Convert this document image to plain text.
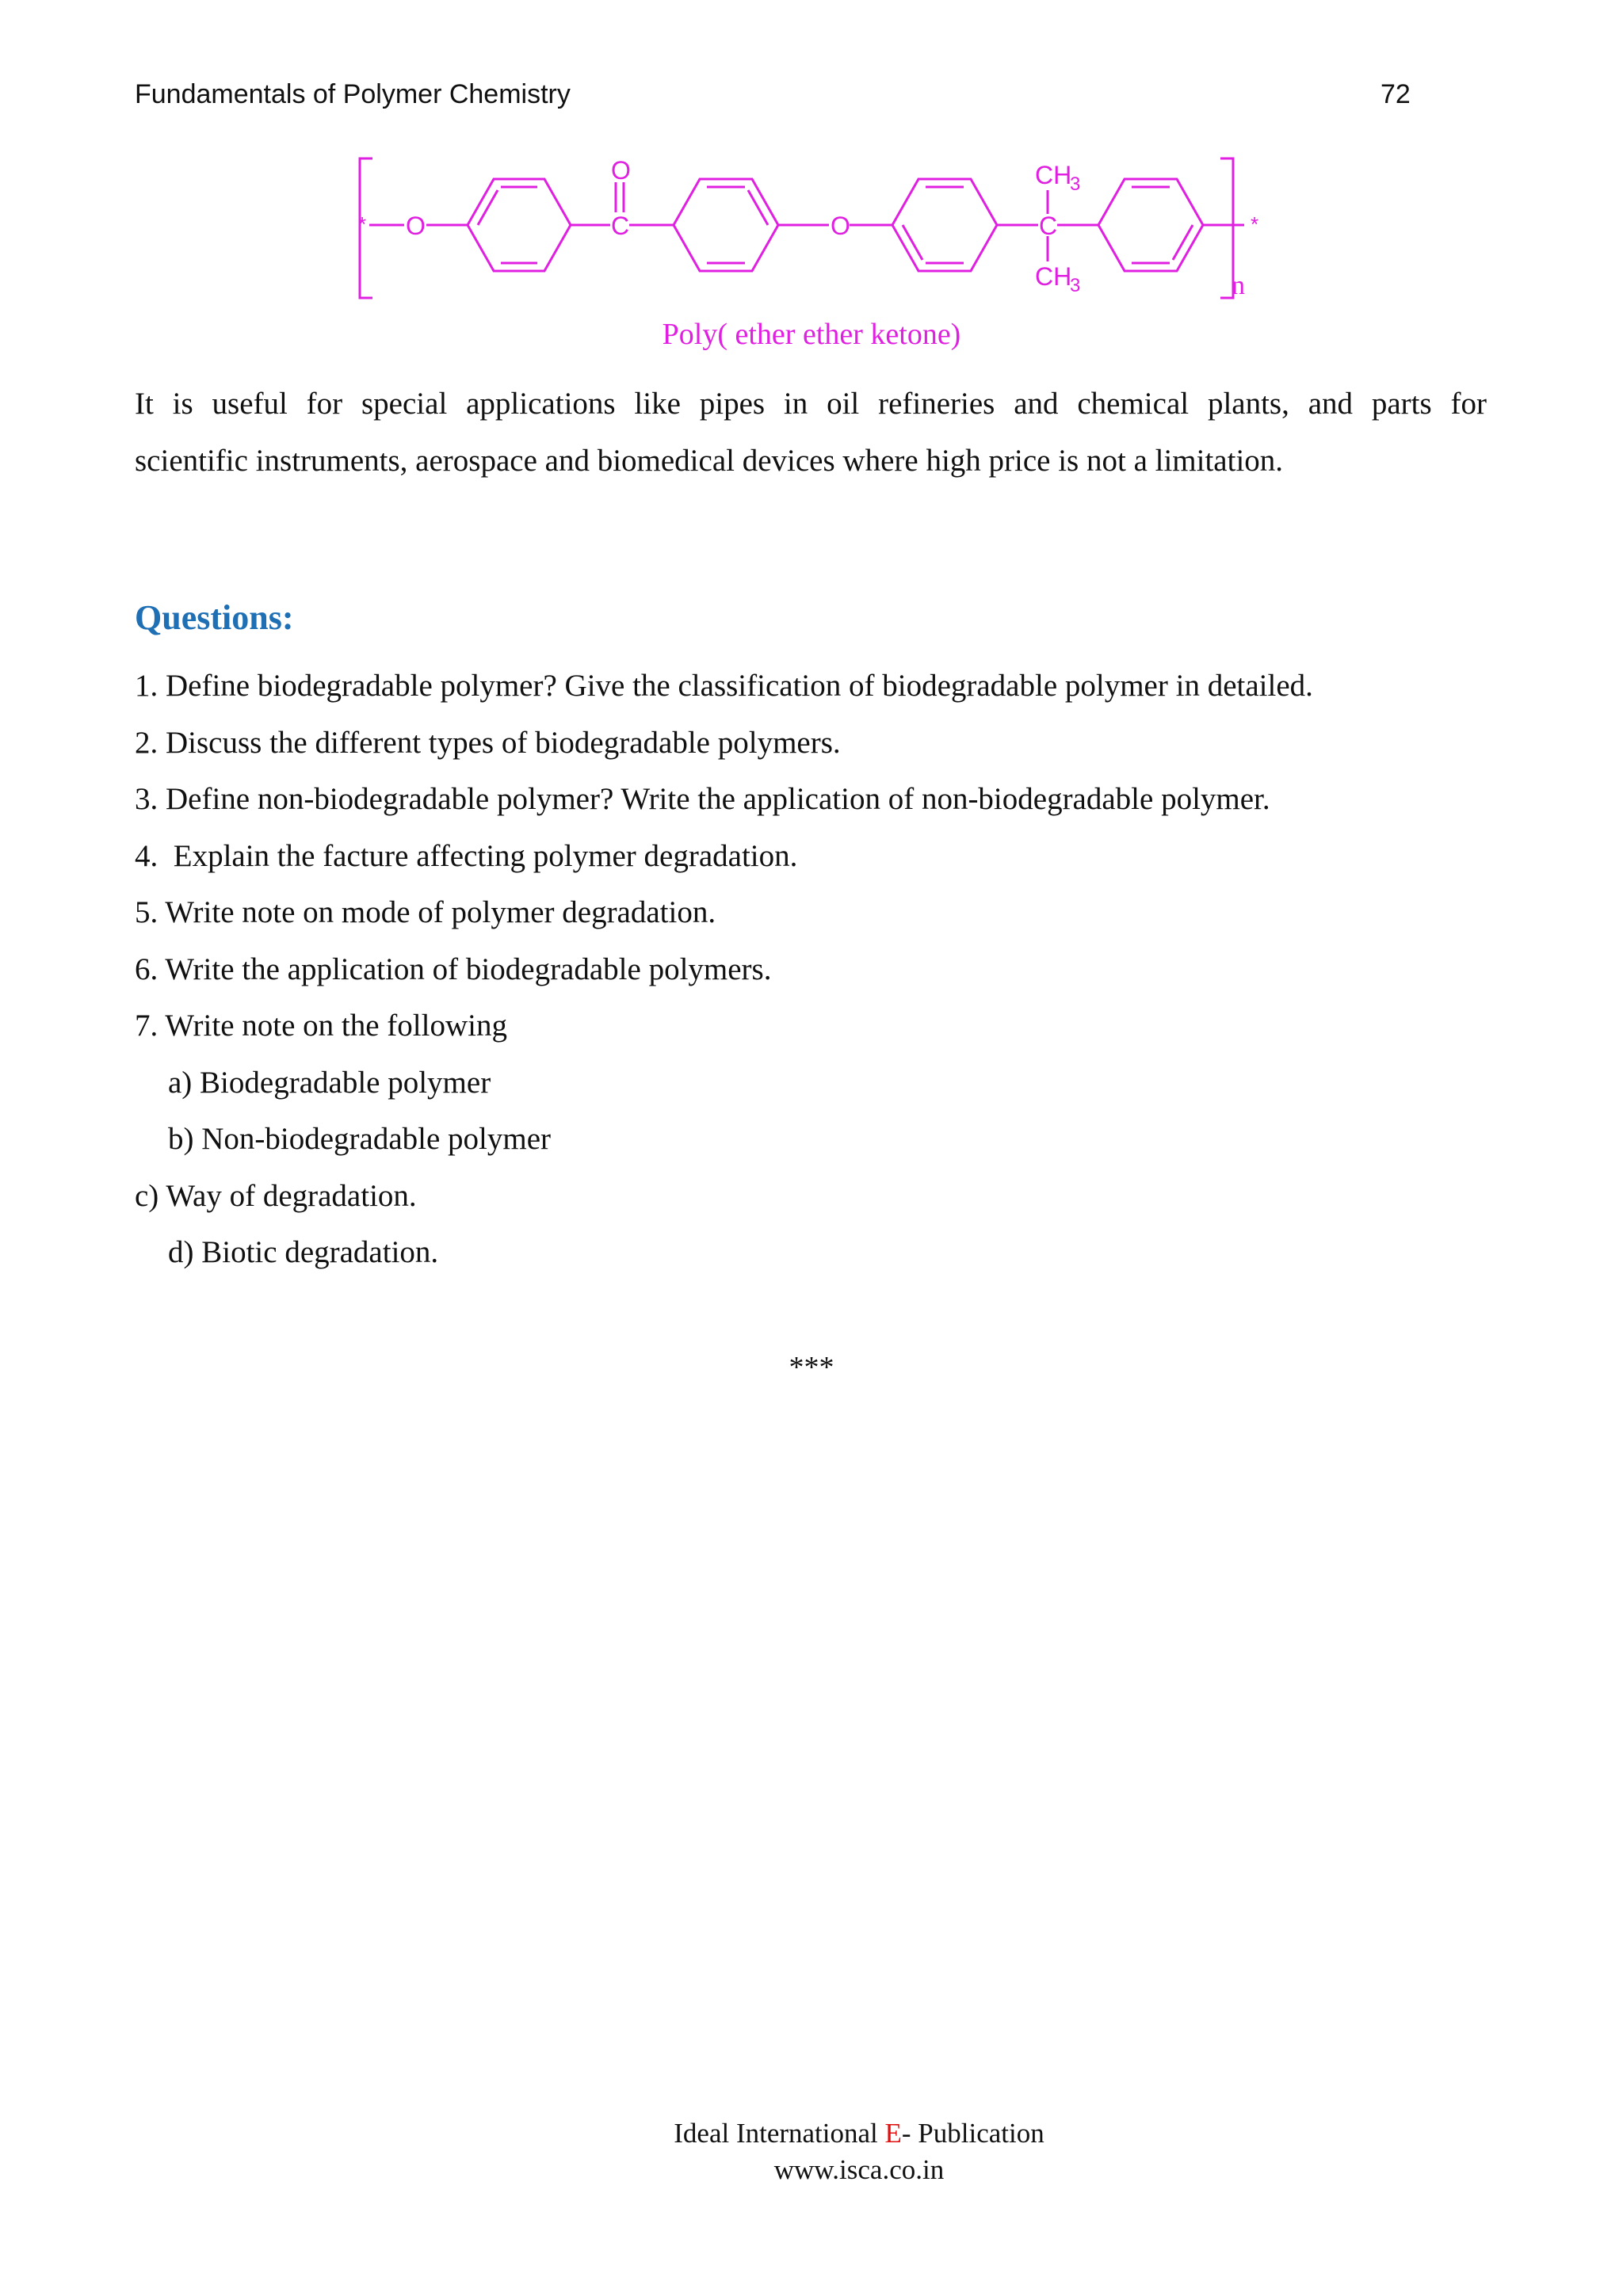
Fundamentals of Polymer Chemistry	72
* O	C
O
O	C
CH
3
CH
3
*
n
Poly( ether ether ketone)
It is useful for special applications like pipes in oil refineries and chemical plants, and parts for
scientific instruments, aerospace and biomedical devices where high price is not a limitation.
Questions:
1. Define biodegradable polymer? Give the classification of biodegradable polymer in detailed.
2. Discuss the different types of biodegradable polymers.
3. Define non-biodegradable polymer? Write the application of non-biodegradable polymer.
4.  Explain the facture affecting polymer degradation.
5. Write note on mode of polymer degradation.
6. Write the application of biodegradable polymers.
7. Write note on the following
a) Biodegradable polymer
b) Non-biodegradable polymer
c) Way of degradation.
d) Biotic degradation.
***
Ideal International E- Publication
www.isca.co.in
